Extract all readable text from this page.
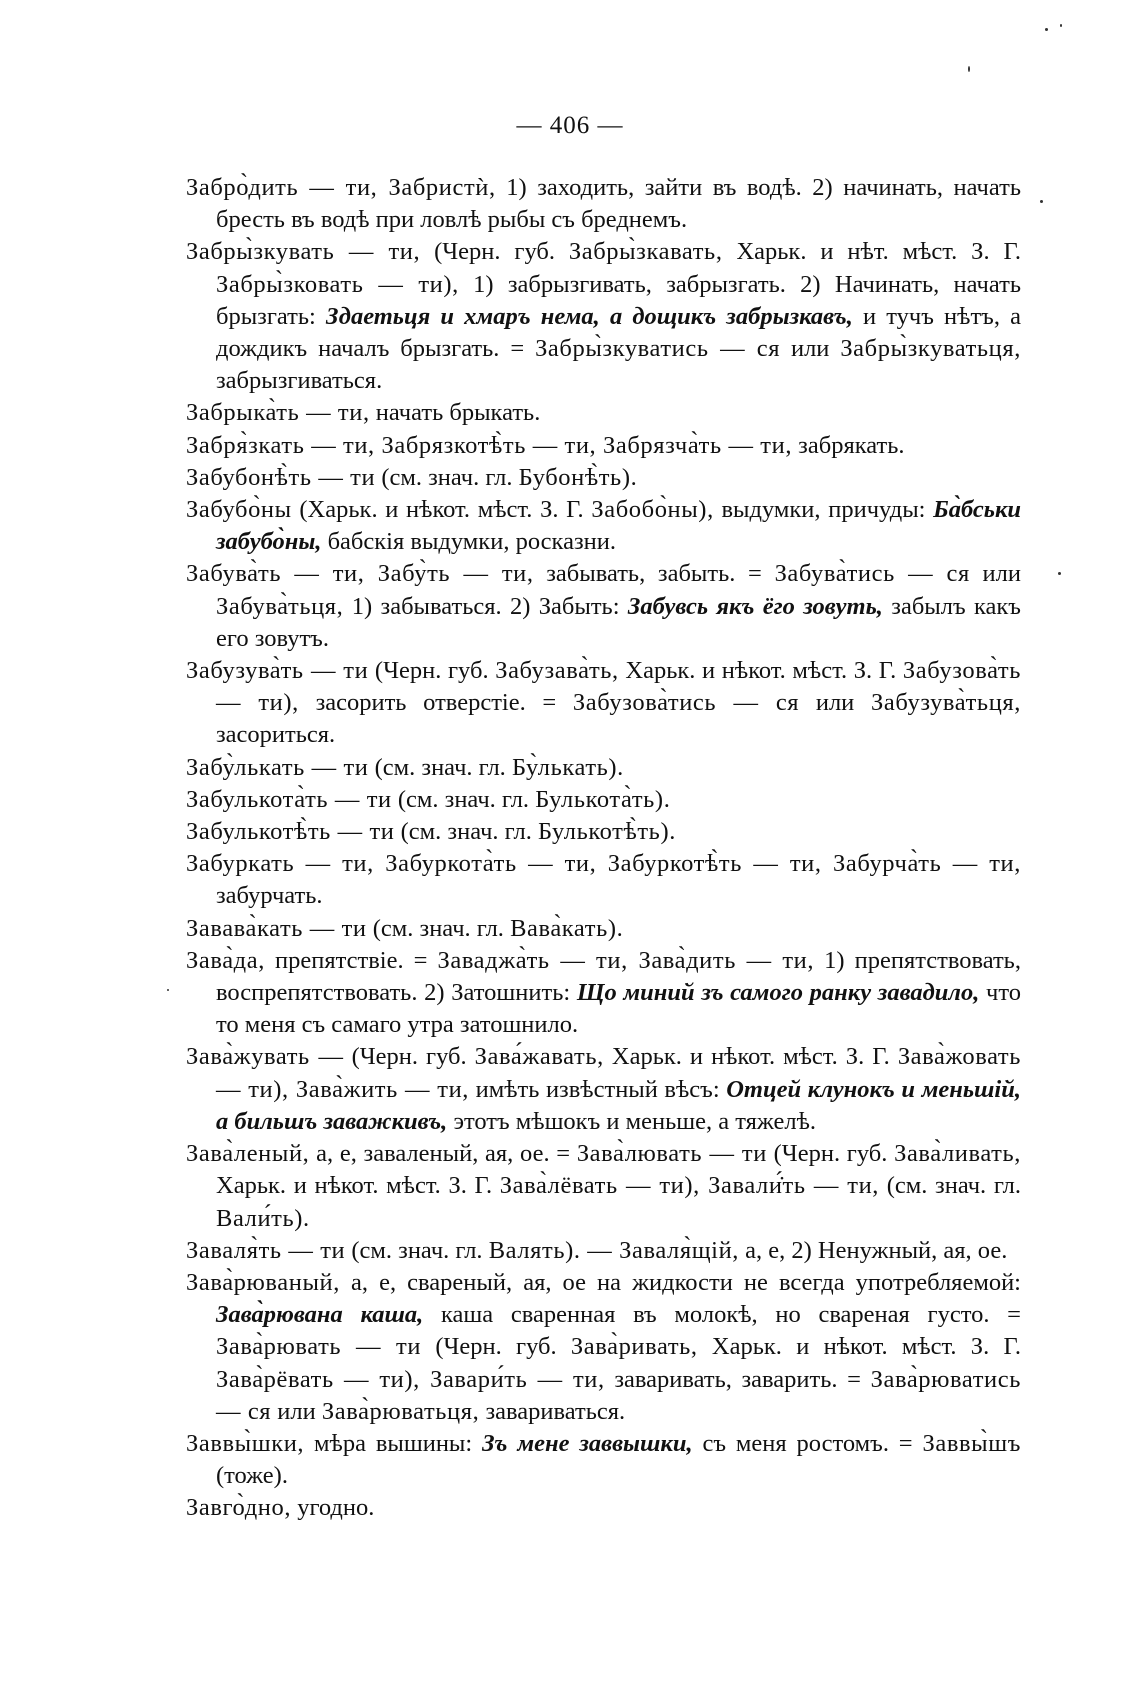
— 406 —

Забро̀дить — ти, Забристѝ, 1) заходить, зайти въ водѣ. 2) начинать, начать бресть въ водѣ при ловлѣ рыбы съ бреднемъ.

Забры̀зкувать — ти, (Черн. губ. Забры̀зкавать, Харьк. и нѣт. мѣст. З. Г. Забры̀зковать — ти), 1) забрызгивать, забрызгать. 2) Начинать, начать брызгать: Здаетьця и хмаръ нема, а дощикъ забрызкавъ, и тучъ нѣтъ, а дождикъ началъ брызгать. = Забры̀зкуватись — ся или Забры̀зкуватьця, забрызгиваться.

Забрыка̀ть — ти, начать брыкать.

Забря̀зкать — ти, Забрязкотѣ̀ть — ти, Забрязча̀ть — ти, забрякать.

Забубонѣ̀ть — ти (см. знач. гл. Бубонѣ̀ть).

Забубо̀ны (Харьк. и нѣкот. мѣст. З. Г. Забобо̀ны), выдумки, причуды: Ба̀бськи забубо̀ны, бабскія выдумки, росказни.

Забува̀ть — ти, Забу̀ть — ти, забывать, забыть. = Забува̀тись — ся или Забува̀тьця, 1) забываться. 2) Забыть: Забувсь якъ ёго зовуть, забылъ какъ его зовутъ.

Забузува̀ть — ти (Черн. губ. Забузава̀ть, Харьк. и нѣкот. мѣст. З. Г. Забузова̀ть — ти), засорить отверстіе. = Забузова̀тись — ся или Забузува̀тьця, засориться.

Забу̀лькать — ти (см. знач. гл. Бу̀лькать).

Забулькота̀ть — ти (см. знач. гл. Булькота̀ть).

Забулькотѣ̀ть — ти (см. знач. гл. Булькотѣ̀ть).

Забуркать — ти, Забуркота̀ть — ти, Забуркотѣ̀ть — ти, Забурча̀ть — ти, забурчать.

Завава̀кать — ти (см. знач. гл. Вава̀кать).

Зава̀да, препятствіе. = Заваджа̀ть — ти, Зава̀дить — ти, 1) препятствовать, воспрепятствовать. 2) Затошнить: Що миний зъ самого ранку завадило, что то меня съ самаго утра затошнило.

Зава̀жувать — (Черн. губ. Зава́жавать, Харьк. и нѣкот. мѣст. З. Г. Зава̀жовать — ти), Зава̀жить — ти, имѣть извѣстный вѣсъ: Отцей клунокъ и меньшій, а бильшъ заважкивъ, этотъ мѣшокъ и меньше, а тяжелѣ.

Зава̀леный, а, е, заваленый, ая, ое. = Зава̀лювать — ти (Черн. губ. Зава̀ливать, Харьк. и нѣкот. мѣст. З. Г. Зава̀лёвать — ти), Завали̇́ть — ти, (см. знач. гл. Вали́ть).

Заваля̀ть — ти (см. знач. гл. Валять). — Заваля̀щій, а, е, 2) Ненужный, ая, ое.

Зава̀рюваный, а, е, свареный, ая, ое на жидкости не всегда употребляемой: Зава̀рювана каша, каша сваренная въ молокѣ, но свареная густо. = Зава̀рювать — ти (Черн. губ. Зава̀ривать, Харьк. и нѣкот. мѣст. З. Г. Зава̀рёвать — ти), Завари́ть — ти, заваривать, заварить. = Зава̀рюватись — ся или Зава̀рюватьця, завариваться.

Заввы̀шки, мѣра вышины: Зъ мене заввышки, съ меня ростомъ. = Заввы̀шъ (тоже).

Завго̀дно, угодно.
